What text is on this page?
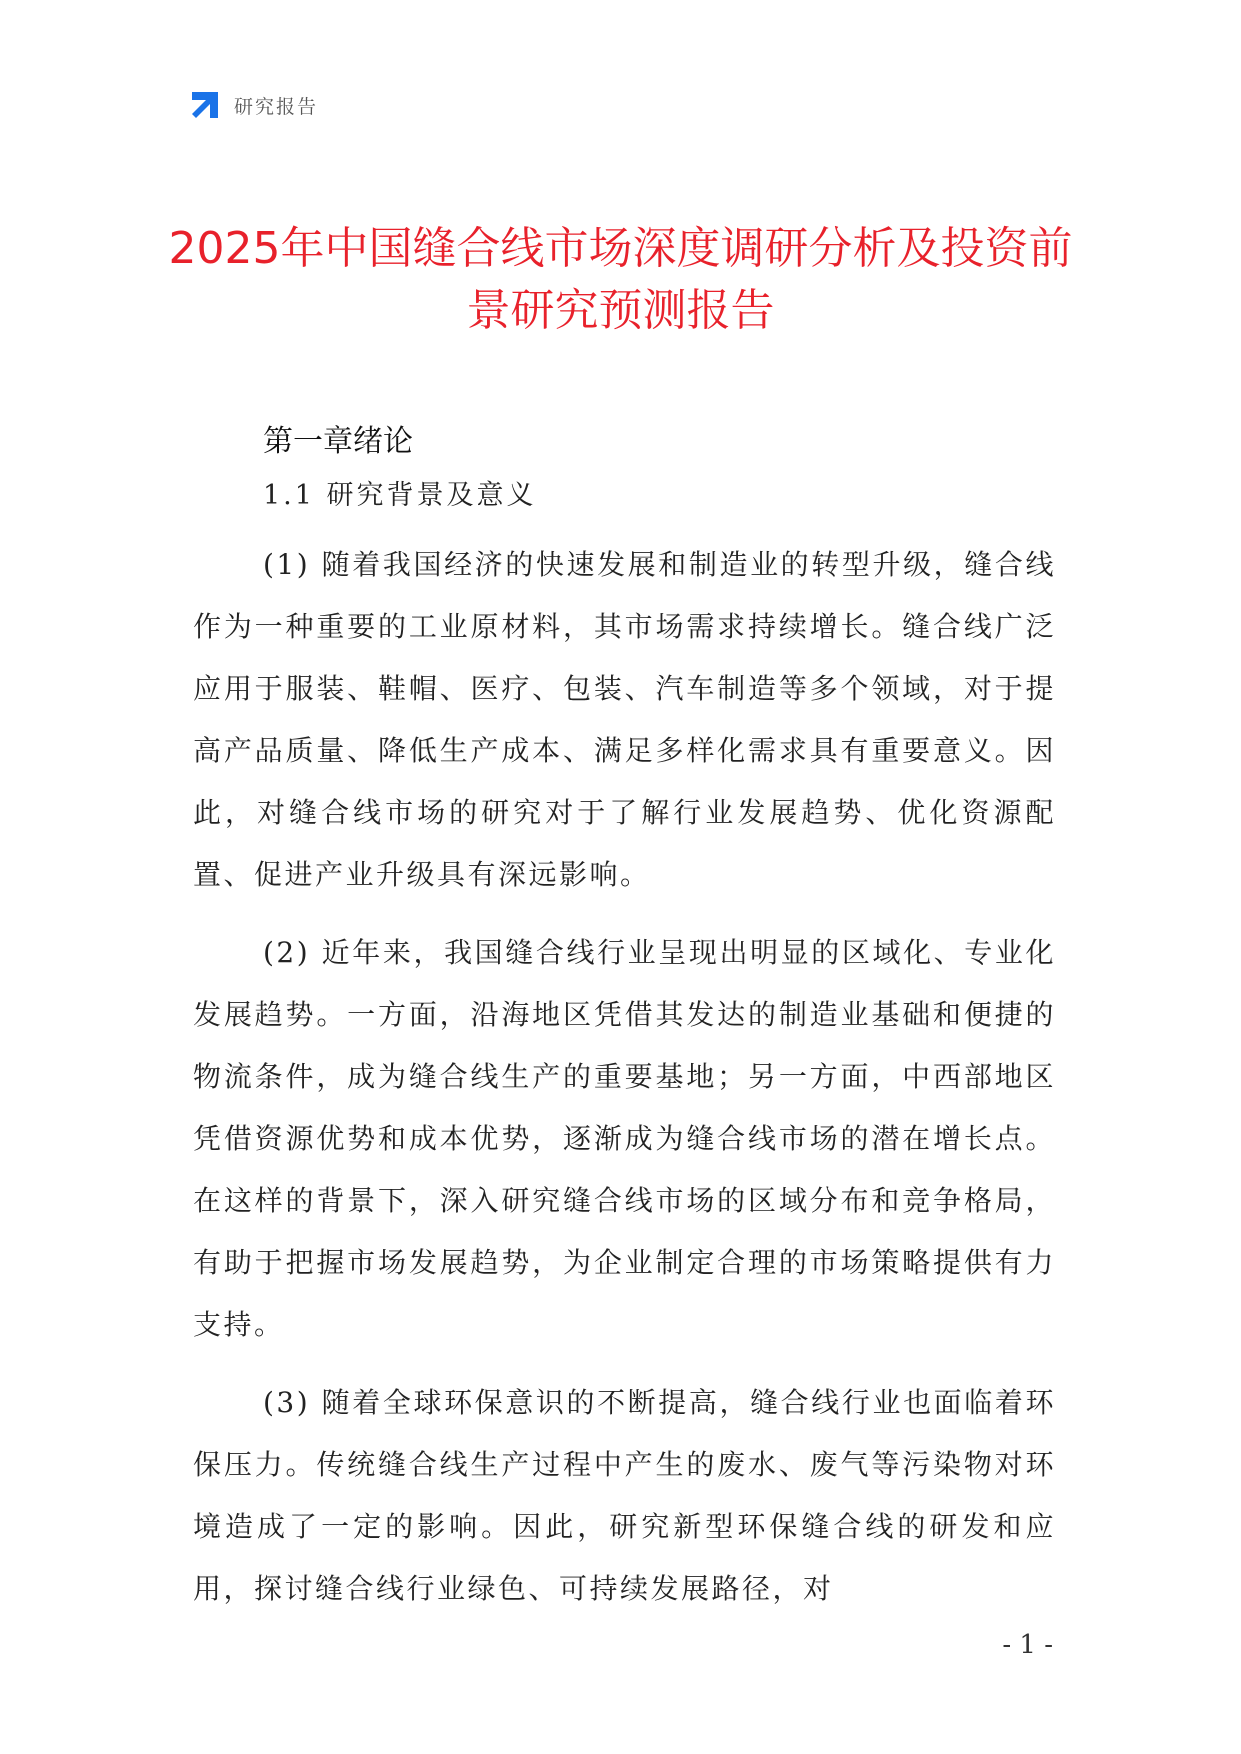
研究报告
2025年中国缝合线市场深度调研分析及投资前景研究预测报告
第一章绪论
1.1 研究背景及意义

(1) 随着我国经济的快速发展和制造业的转型升级，缝合线作为一种重要的工业原材料，其市场需求持续增长。缝合线广泛应用于服装、鞋帽、医疗、包装、汽车制造等多个领域，对于提高产品质量、降低生产成本、满足多样化需求具有重要意义。因此，对缝合线市场的研究对于了解行业发展趋势、优化资源配置、促进产业升级具有深远影响。

(2) 近年来，我国缝合线行业呈现出明显的区域化、专业化发展趋势。一方面，沿海地区凭借其发达的制造业基础和便捷的物流条件，成为缝合线生产的重要基地；另一方面，中西部地区凭借资源优势和成本优势，逐渐成为缝合线市场的潜在增长点。在这样的背景下，深入研究缝合线市场的区域分布和竞争格局，有助于把握市场发展趋势，为企业制定合理的市场策略提供有力支持。

(3) 随着全球环保意识的不断提高，缝合线行业也面临着环保压力。传统缝合线生产过程中产生的废水、废气等污染物对环境造成了一定的影响。因此，研究新型环保缝合线的研发和应用，探讨缝合线行业绿色、可持续发展路径，对

- 1 -
